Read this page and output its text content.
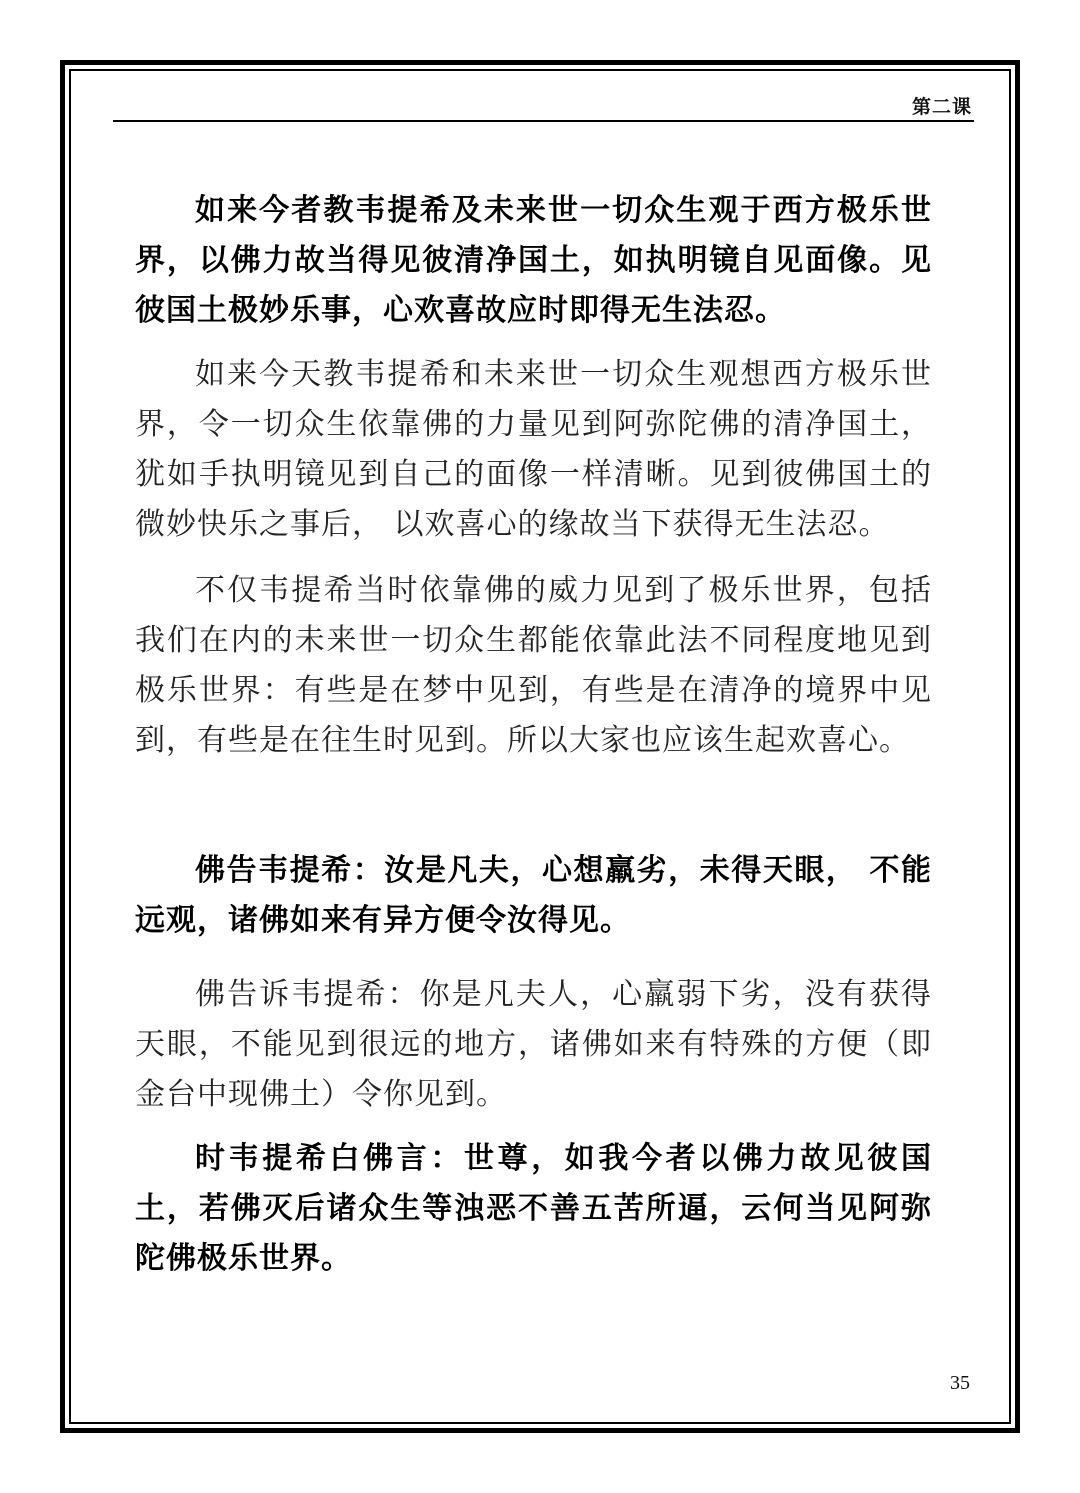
第二课

如来今者教韦提希及未来世一切众生观于西方极乐世界，以佛力故当得见彼清净国土，如执明镜自见面像。见彼国土极妙乐事，心欢喜故应时即得无生法忍。

如来今天教韦提希和未来世一切众生观想西方极乐世界，令一切众生依靠佛的力量见到阿弥陀佛的清净国土，犹如手执明镜见到自己的面像一样清晰。见到彼佛国土的微妙快乐之事后， 以欢喜心的缘故当下获得无生法忍。

不仅韦提希当时依靠佛的威力见到了极乐世界，包括我们在内的未来世一切众生都能依靠此法不同程度地见到极乐世界：有些是在梦中见到，有些是在清净的境界中见到，有些是在往生时见到。所以大家也应该生起欢喜心。

佛告韦提希：汝是凡夫，心想羸劣，未得天眼， 不能远观，诸佛如来有异方便令汝得见。

佛告诉韦提希：你是凡夫人，心羸弱下劣，没有获得天眼，不能见到很远的地方，诸佛如来有特殊的方便（即金台中现佛土）令你见到。

时韦提希白佛言：世尊，如我今者以佛力故见彼国土，若佛灭后诸众生等浊恶不善五苦所逼，云何当见阿弥陀佛极乐世界。

35
